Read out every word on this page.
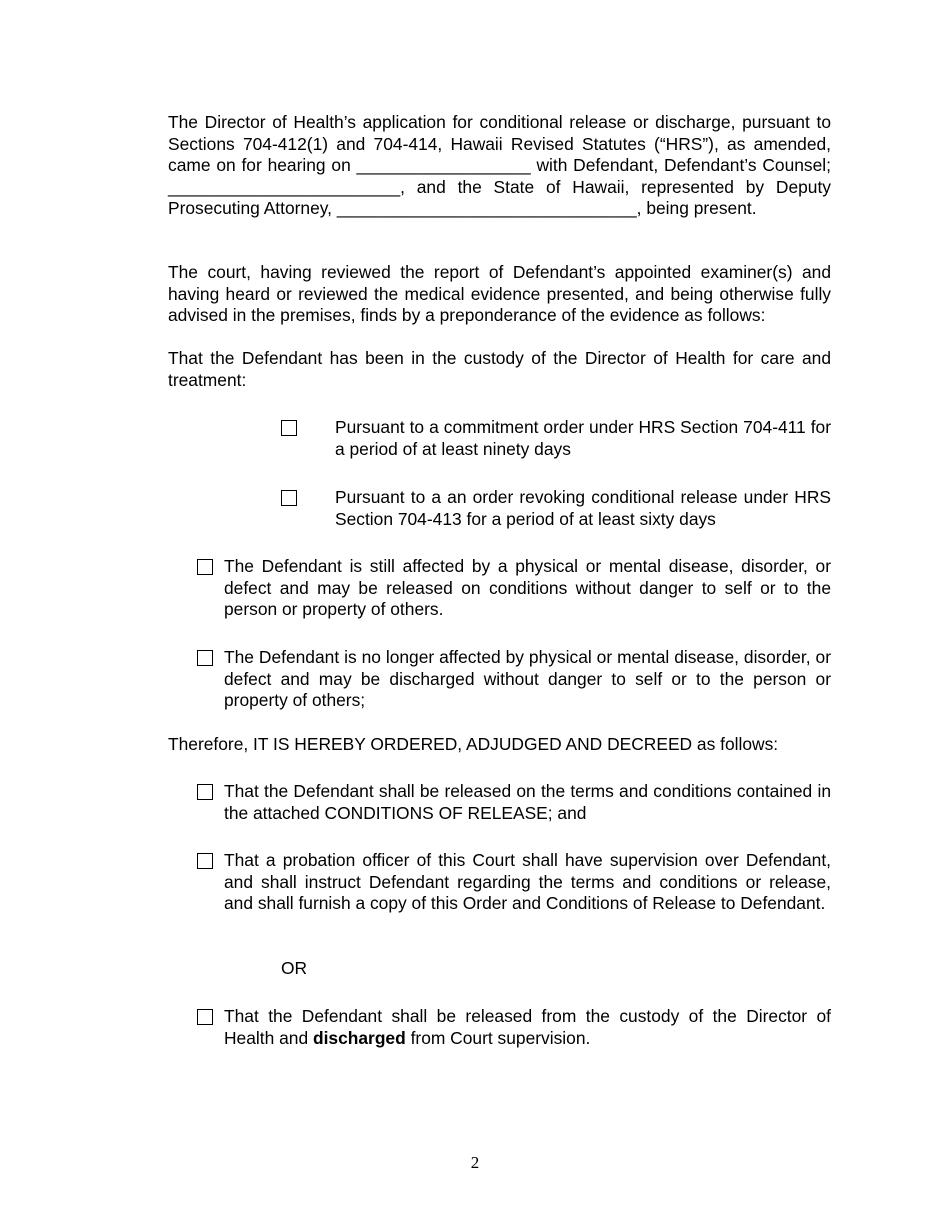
The Director of Health’s application for conditional release or discharge, pursuant to Sections 704-412(1) and 704-414, Hawaii Revised Statutes (“HRS”), as amended, came on for hearing on __________________ with Defendant, Defendant’s Counsel; ________________________, and the State of Hawaii, represented by Deputy Prosecuting Attorney, _______________________________, being present.

The court, having reviewed the report of Defendant’s appointed examiner(s) and having heard or reviewed the medical evidence presented, and being otherwise fully advised in the premises, finds by a preponderance of the evidence as follows:

That the Defendant has been in the custody of the Director of Health for care and treatment:

Pursuant to a commitment order under HRS Section 704-411 for a period of at least ninety days
Pursuant to a an order revoking conditional release under HRS Section 704-413 for a period of at least sixty days
The Defendant is still affected by a physical or mental disease, disorder, or defect and may be released on conditions without danger to self or to the person or property of others.
The Defendant is no longer affected by physical or mental disease, disorder, or defect and may be discharged without danger to self or to the person or property of others;

Therefore, IT IS HEREBY ORDERED, ADJUDGED AND DECREED as follows:

That the Defendant shall be released on the terms and conditions contained in the attached CONDITIONS OF RELEASE; and
That a probation officer of this Court shall have supervision over Defendant, and shall instruct Defendant regarding the terms and conditions or release, and shall furnish a copy of this Order and Conditions of Release to Defendant.
OR
That the Defendant shall be released from the custody of the Director of Health and discharged from Court supervision.
2
